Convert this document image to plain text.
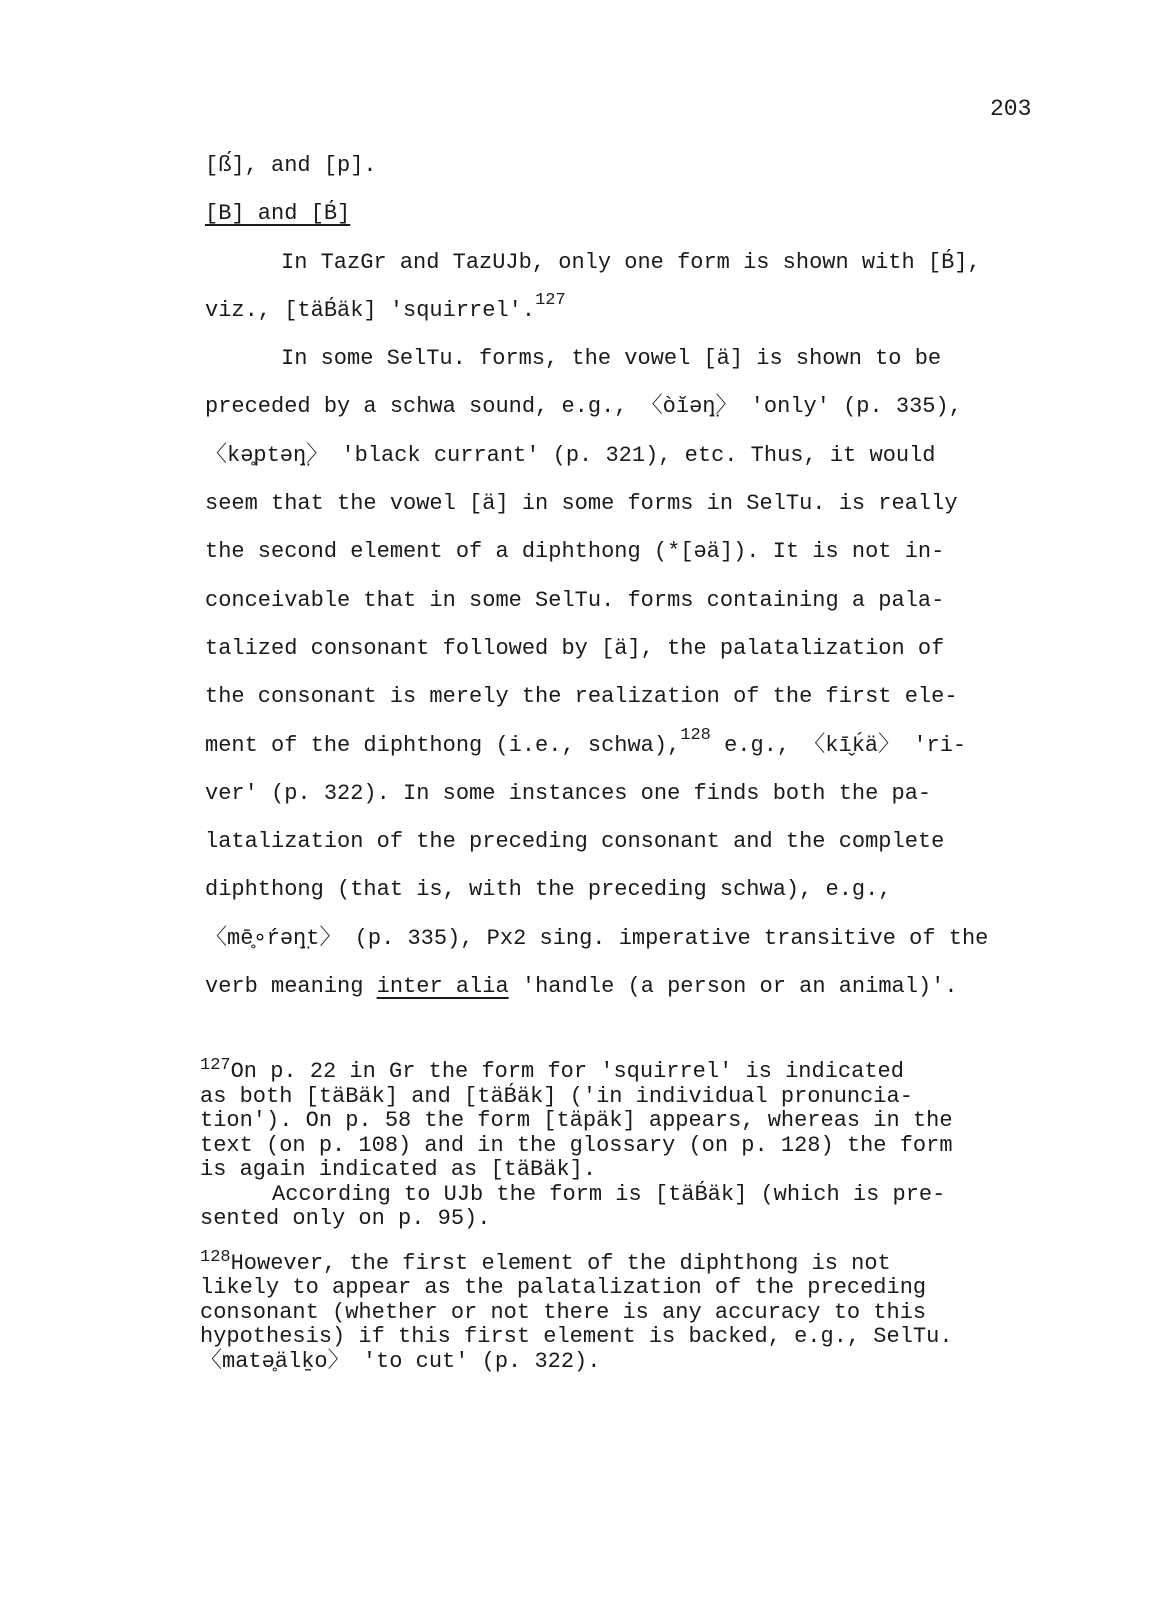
203
[ß́], and [p].
[B] and [B́]
In TazGr and TazUJb, only one form is shown with [B́],
viz., [täB́äk] 'squirrel'.$^{127}$
In some SelTu. forms, the vowel [ä] is shown to be
preceded by a schwa sound, e.g., 〈òĭəŋ̤〉 'only' (p. 335),
〈kə̥ptəŋ̤〉 'black currant' (p. 321), etc. Thus, it would
seem that the vowel [ä] in some forms in SelTu. is really
the second element of a diphthong (*[əä]). It is not in-
conceivable that in some SelTu. forms containing a pala-
talized consonant followed by [ä], the palatalization of
the consonant is merely the realization of the first ele-
ment of the diphthong (i.e., schwa),$^{128}$ e.g., 〈kī̬ḱä〉 'ri-
ver' (p. 322). In some instances one finds both the pa-
latalization of the preceding consonant and the complete
diphthong (that is, with the preceding schwa), e.g.,
〈mē̥∘ŕəŋ̤t〉 (p. 335), Px2 sing. imperative transitive of the
verb meaning inter alia 'handle (a person or an animal)'.
$^{127}$On p. 22 in Gr the form for 'squirrel' is indicated
as both [täBäk] and [täB́äk] ('in individual pronuncia-
tion'). On p. 58 the form [täpäk] appears, whereas in the
text (on p. 108) and in the glossary (on p. 128) the form
is again indicated as [täBäk].
According to UJb the form is [täB́äk] (which is pre-
sented only on p. 95).
$^{128}$However, the first element of the diphthong is not
likely to appear as the palatalization of the preceding
consonant (whether or not there is any accuracy to this
hypothesis) if this first element is backed, e.g., SelTu.
〈matə̥älḵo〉 'to cut' (p. 322).
